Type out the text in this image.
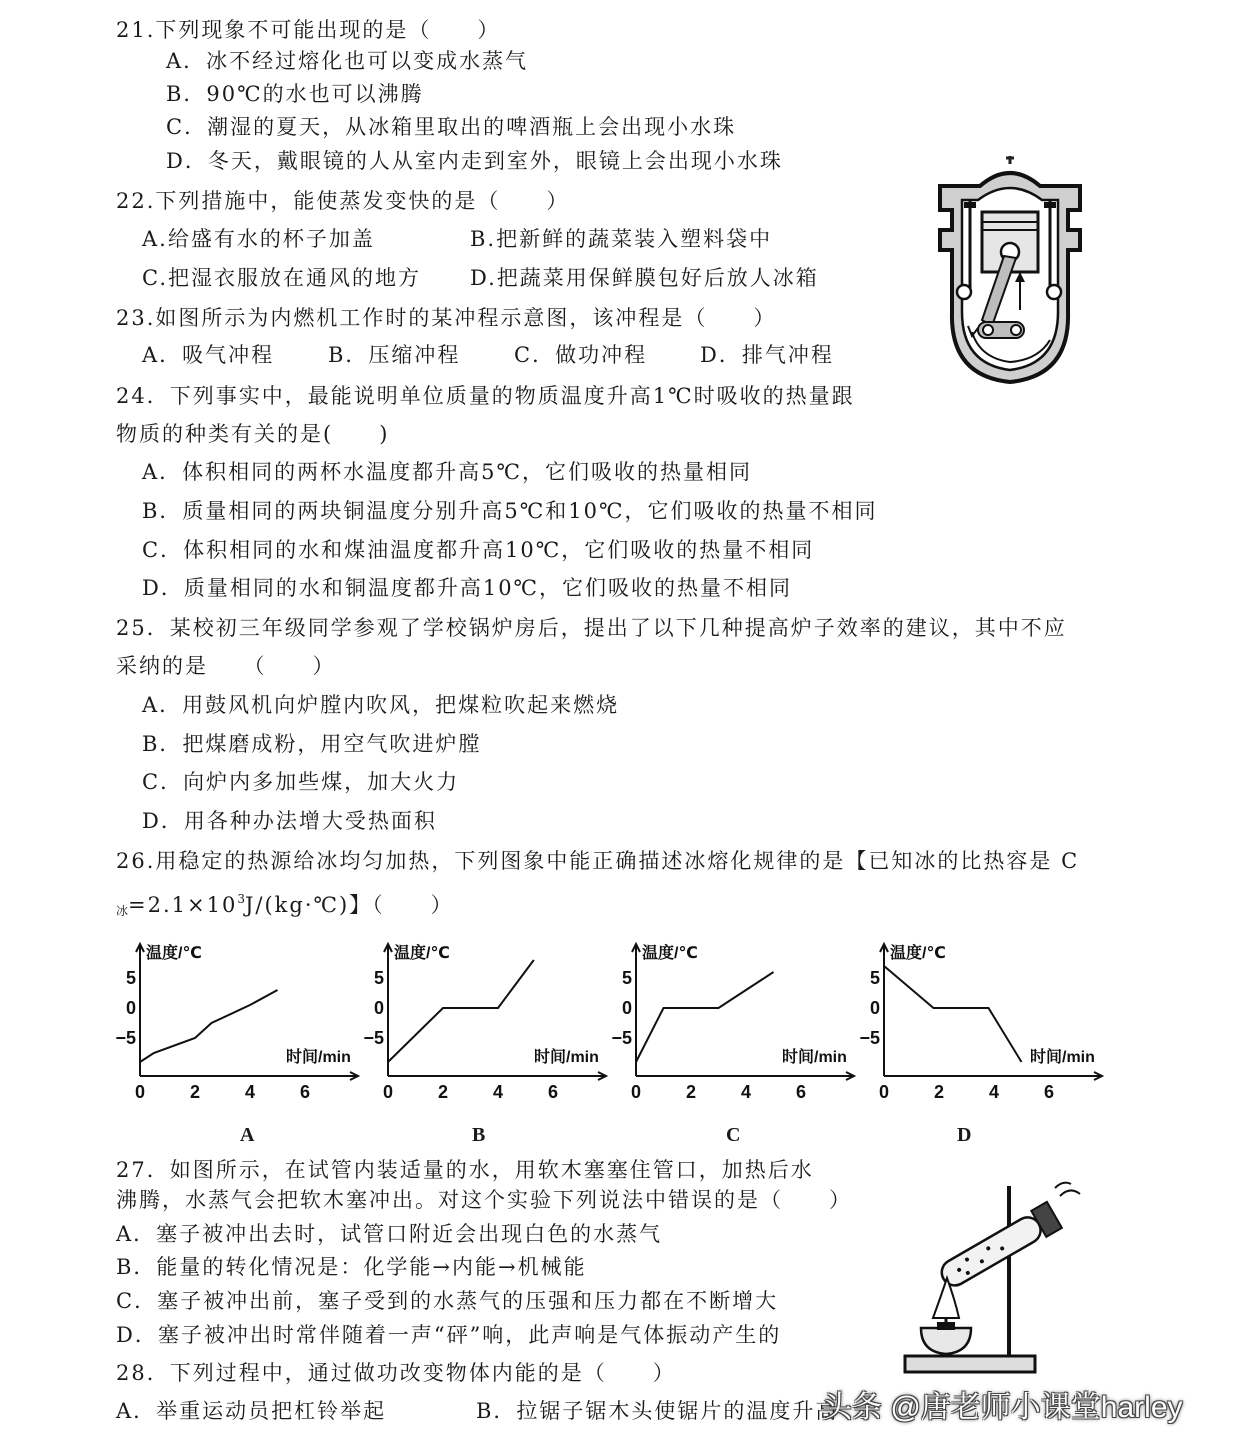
21.下列现象不可能出现的是（　　）
A．冰不经过熔化也可以变成水蒸气
B．90℃的水也可以沸腾
C．潮湿的夏天，从冰箱里取出的啤酒瓶上会出现小水珠
D．冬天，戴眼镜的人从室内走到室外，眼镜上会出现小水珠
22.下列措施中，能使蒸发变快的是（　　）
A.给盛有水的杯子加盖	B.把新鲜的蔬菜装入塑料袋中
C.把湿衣服放在通风的地方 D.把蔬菜用保鲜膜包好后放人冰箱
23.如图所示为内燃机工作时的某冲程示意图，该冲程是（　　）
A．吸气冲程	B．压缩冲程	C．做功冲程	D．排气冲程
24．下列事实中，最能说明单位质量的物质温度升高1℃时吸收的热量跟
物质的种类有关的是(　　)
A．体积相同的两杯水温度都升高5℃，它们吸收的热量相同
B．质量相同的两块铜温度分别升高5℃和10℃，它们吸收的热量不相同
C．体积相同的水和煤油温度都升高10℃，它们吸收的热量不相同
D．质量相同的水和铜温度都升高10℃，它们吸收的热量不相同
25．某校初三年级同学参观了学校锅炉房后，提出了以下几种提高炉子效率的建议，其中不应
采纳的是　　（　　）
A．用鼓风机向炉膛内吹风，把煤粒吹起来燃烧
B．把煤磨成粉，用空气吹进炉膛
C．向炉内多加些煤，加大火力
D．用各种办法增大受热面积
26.用稳定的热源给冰均匀加热，下列图象中能正确描述冰熔化规律的是【已知冰的比热容是 C
$_冰=2.1\times 10^3J/(kg\cdot℃)$】（　　）
温度/℃
时间/min
5
0
−5
0 2 4 6
温度/℃
时间/min
5
0
−5
0 2 4 6
温度/℃
时间/min
5
0
−5
0 2 4 6
温度/℃
时间/min
5
0
−5
0 2 4 6
A	B	C	D
27．如图所示，在试管内装适量的水，用软木塞塞住管口，加热后水
沸腾，水蒸气会把软木塞冲出。对这个实验下列说法中错误的是（　　）
A．塞子被冲出去时，试管口附近会出现白色的水蒸气
B．能量的转化情况是：化学能→内能→机械能
C．塞子被冲出前，塞子受到的水蒸气的压强和压力都在不断增大
D．塞子被冲出时常伴随着一声“砰”响，此声响是气体振动产生的
28．下列过程中，通过做功改变物体内能的是（　　）
A．举重运动员把杠铃举起	B．拉锯子锯木头使锯片的温度升高
头条 @唐老师小课堂harley
